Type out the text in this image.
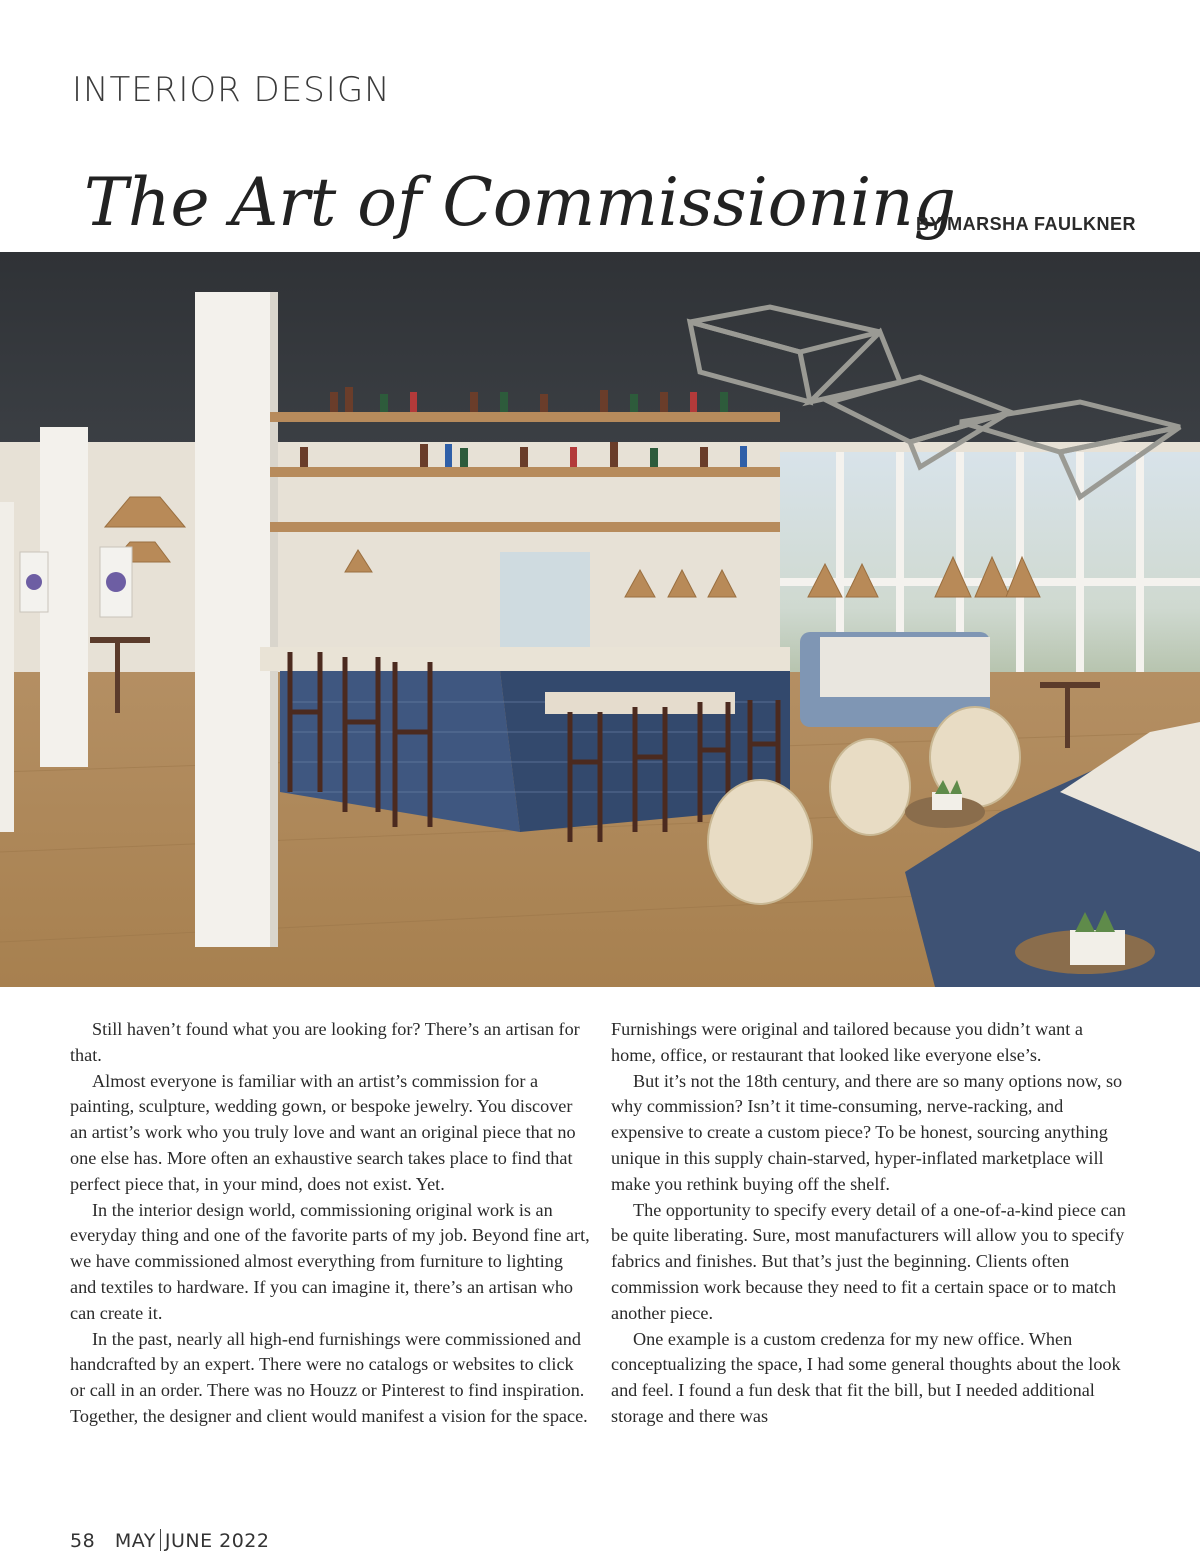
INTERIOR DESIGN
The Art of Commissioning
BY MARSHA FAULKNER

Still haven’t found what you are looking for? There’s an artisan for that.

Almost everyone is familiar with an artist’s commission for a painting, sculpture, wedding gown, or bespoke jewelry. You discover an artist’s work who you truly love and want an original piece that no one else has. More often an exhaustive search takes place to find that perfect piece that, in your mind, does not exist. Yet.

In the interior design world, commissioning original work is an everyday thing and one of the favorite parts of my job. Beyond fine art, we have commissioned almost everything from furniture to lighting and textiles to hardware. If you can imagine it, there’s an artisan who can create it.

In the past, nearly all high-end furnishings were commissioned and handcrafted by an expert. There were no catalogs or websites to click or call in an order. There was no Houzz or Pinterest to find inspiration. Together, the designer and client would manifest a vision for the space.

Furnishings were original and tailored because you didn’t want a home, office, or restaurant that looked like everyone else’s.

But it’s not the 18th century, and there are so many options now, so why commission? Isn’t it time-consuming, nerve-racking, and expensive to create a custom piece? To be honest, sourcing anything unique in this supply chain-starved, hyper-inflated marketplace will make you rethink buying off the shelf.

The opportunity to specify every detail of a one-of-a-kind piece can be quite liberating. Sure, most manufacturers will allow you to specify fabrics and finishes. But that’s just the beginning. Clients often commission work because they need to fit a certain space or to match another piece.

One example is a custom credenza for my new office. When conceptualizing the space, I had some general thoughts about the look and feel. I found a fun desk that fit the bill, but I needed additional storage and there was

58 MAY JUNE 2022
